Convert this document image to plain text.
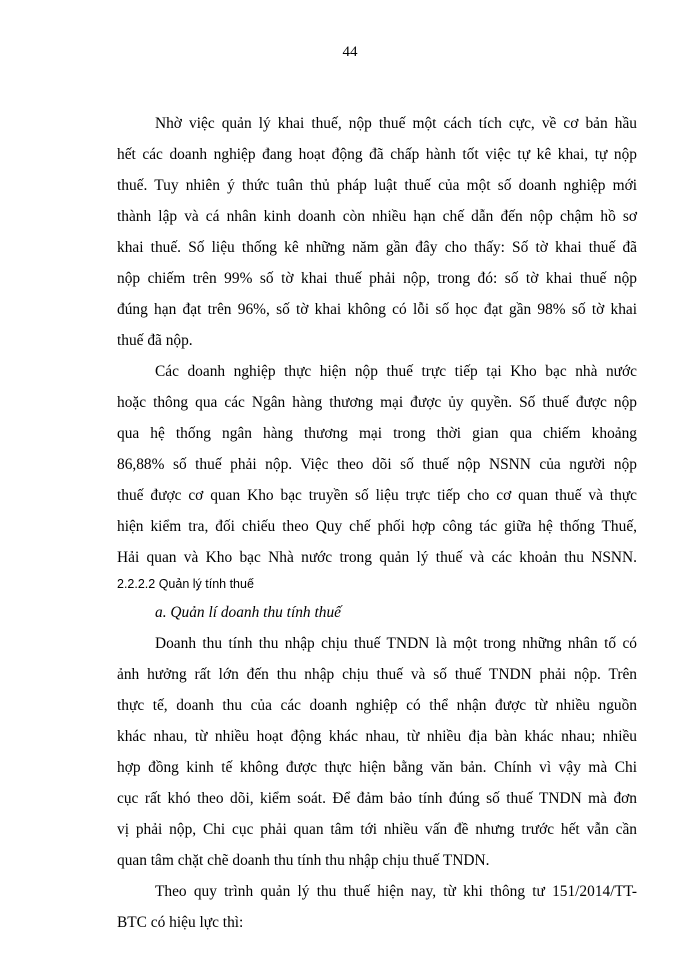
44
Nhờ việc quản lý khai thuế, nộp thuế một cách tích cực, về cơ bản hầu
hết các doanh nghiệp đang hoạt động đã chấp hành tốt việc tự kê khai, tự nộp
thuế. Tuy nhiên ý thức tuân thủ pháp luật thuế của một số doanh nghiệp mới
thành lập và cá nhân kinh doanh còn nhiều hạn chế dẫn đến nộp chậm hồ sơ
khai thuế. Số liệu thống kê những năm gần đây cho thấy: Số tờ khai thuế đã
nộp chiếm trên 99% số tờ khai thuế phải nộp, trong đó: số tờ khai thuế nộp
đúng hạn đạt trên 96%, số tờ khai không có lỗi số học đạt gần 98% số tờ khai
thuế đã nộp.
Các doanh nghiệp thực hiện nộp thuế trực tiếp tại Kho bạc nhà nước
hoặc thông qua các Ngân hàng thương mại được ủy quyền. Số thuế được nộp
qua hệ thống ngân hàng thương mại trong thời gian qua chiếm khoảng
86,88% số thuế phải nộp. Việc theo dõi số thuế nộp NSNN của người nộp
thuế được cơ quan Kho bạc truyền số liệu trực tiếp cho cơ quan thuế và thực
hiện kiểm tra, đối chiếu theo Quy chế phối hợp công tác giữa hệ thống Thuế,
Hải quan và Kho bạc Nhà nước trong quản lý thuế và các khoản thu NSNN.
2.2.2.2 Quản lý tính thuế
a. Quản lí doanh thu tính thuế
Doanh thu tính thu nhập chịu thuế TNDN là một trong những nhân tố có
ảnh hưởng rất lớn đến thu nhập chịu thuế và số thuế TNDN phải nộp. Trên
thực tế, doanh thu của các doanh nghiệp có thể nhận được từ nhiều nguồn
khác nhau, từ nhiều hoạt động khác nhau, từ nhiều địa bàn khác nhau; nhiều
hợp đồng kinh tế không được thực hiện bằng văn bản. Chính vì vậy mà Chi
cục rất khó theo dõi, kiểm soát. Để đảm bảo tính đúng số thuế TNDN mà đơn
vị phải nộp, Chi cục phải quan tâm tới nhiều vấn đề nhưng trước hết vẫn cần
quan tâm chặt chẽ doanh thu tính thu nhập chịu thuế TNDN.
Theo quy trình quản lý thu thuế hiện nay, từ khi thông tư 151/2014/TT-
BTC có hiệu lực thì:
